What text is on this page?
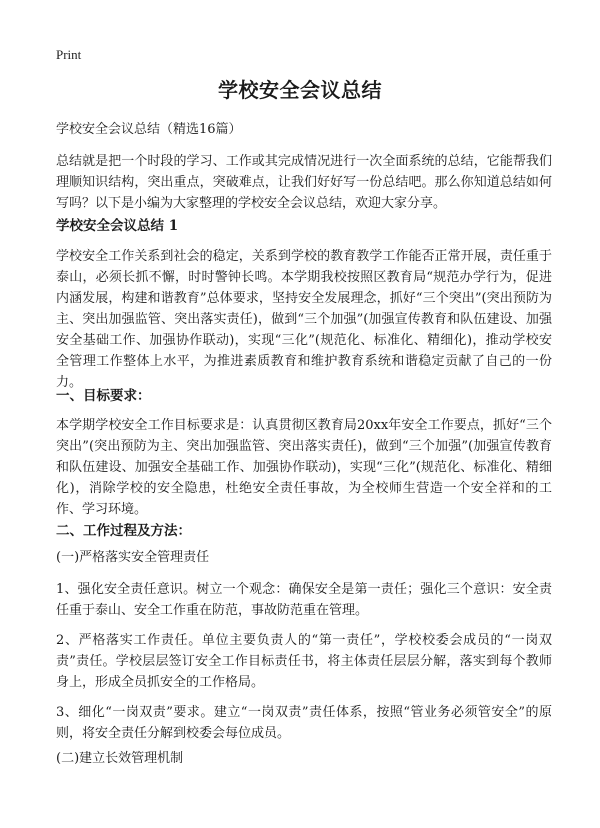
Print
学校安全会议总结
学校安全会议总结（精选16篇）

总结就是把一个时段的学习、工作或其完成情况进行一次全面系统的总结，它能帮我们理顺知识结构，突出重点，突破难点，让我们好好写一份总结吧。那么你知道总结如何写吗？以下是小编为大家整理的学校安全会议总结，欢迎大家分享。

学校安全会议总结 1

学校安全工作关系到社会的稳定，关系到学校的教育教学工作能否正常开展，责任重于泰山，必须长抓不懈，时时警钟长鸣。本学期我校按照区教育局“规范办学行为，促进内涵发展，构建和谐教育”总体要求，坚持安全发展理念，抓好“三个突出”(突出预防为主、突出加强监管、突出落实责任)，做到“三个加强”(加强宣传教育和队伍建设、加强安全基础工作、加强协作联动)，实现“三化”(规范化、标准化、精细化)，推动学校安全管理工作整体上水平，为推进素质教育和维护教育系统和谐稳定贡献了自己的一份力。

一、目标要求：

本学期学校安全工作目标要求是：认真贯彻区教育局20xx年安全工作要点，抓好“三个突出”(突出预防为主、突出加强监管、突出落实责任)，做到“三个加强”(加强宣传教育和队伍建设、加强安全基础工作、加强协作联动)，实现“三化”(规范化、标准化、精细化)，消除学校的安全隐患，杜绝安全责任事故，为全校师生营造一个安全祥和的工作、学习环境。

二、工作过程及方法：
(一)严格落实安全管理责任

1、强化安全责任意识。树立一个观念：确保安全是第一责任；强化三个意识：安全责任重于泰山、安全工作重在防范，事故防范重在管理。

2、严格落实工作责任。单位主要负责人的“第一责任”，学校校委会成员的“一岗双责”责任。学校层层签订安全工作目标责任书，将主体责任层层分解，落实到每个教师身上，形成全员抓安全的工作格局。

3、细化“一岗双责”要求。建立“一岗双责”责任体系，按照“管业务必须管安全”的原则，将安全责任分解到校委会每位成员。

(二)建立长效管理机制
